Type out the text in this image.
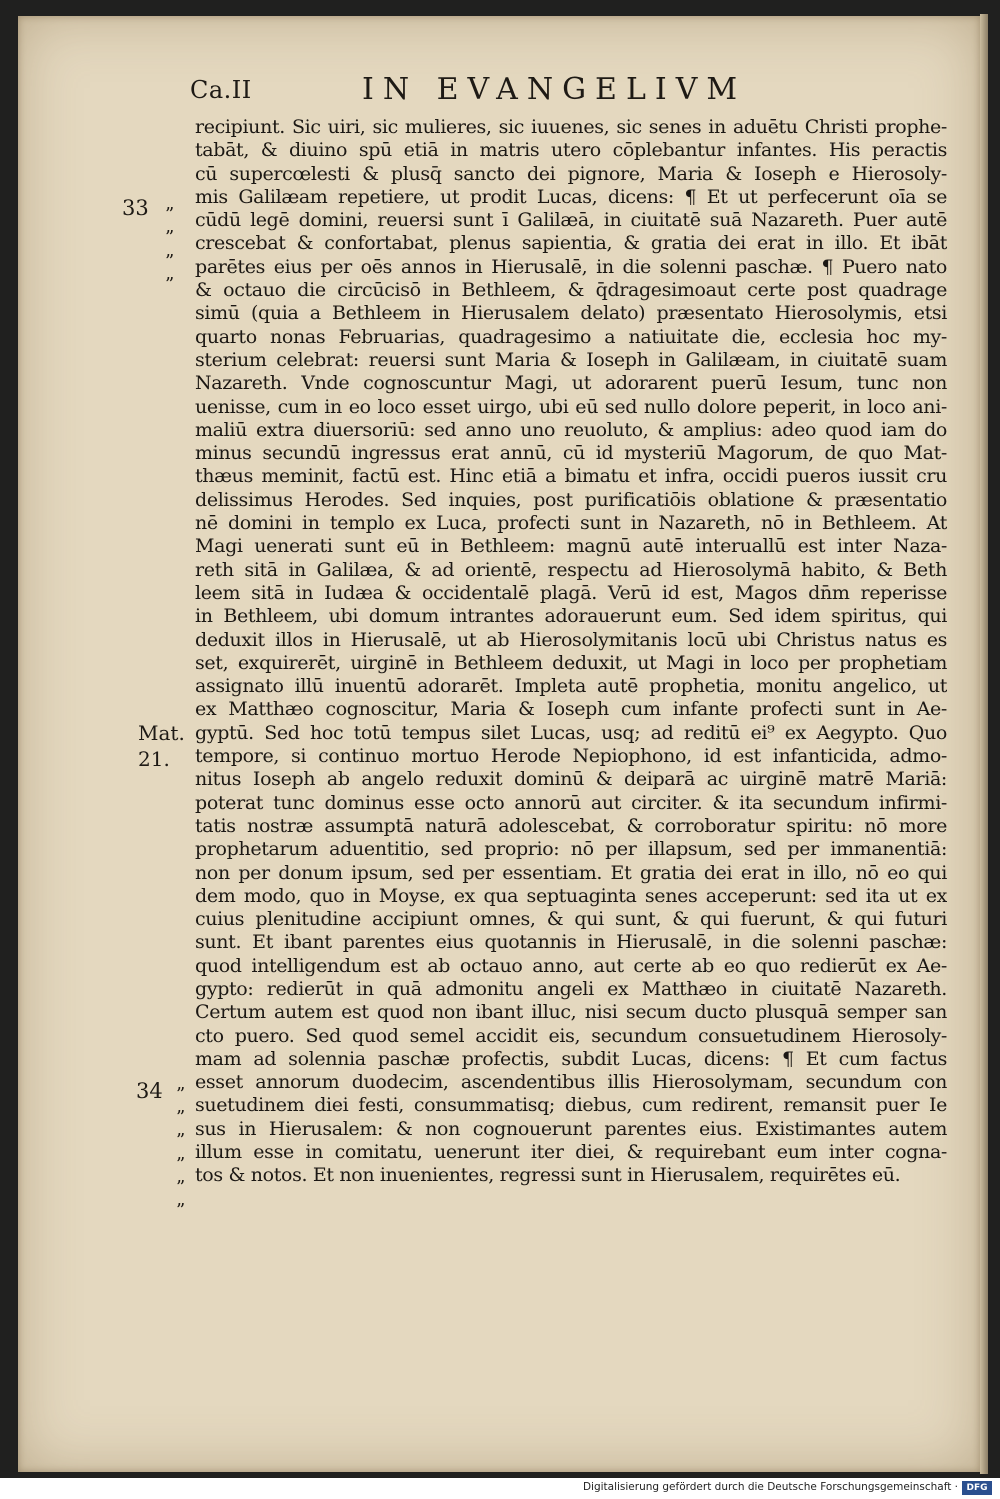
Ca.II	IN EVANGELIVM
recipiunt. Sic uiri, sic mulieres, sic iuuenes, sic senes in aduētu Christi prophe-
tabāt, & diuino spū etiā in matris utero cōplebantur infantes. His peractis
cū supercœlesti & plusq̄ sancto dei pignore, Maria & Ioseph e Hierosoly-
mis Galilæam repetiere, ut prodit Lucas, dicens: ¶ Et ut perfecerunt oīa se
cūdū legē domini, reuersi sunt ī Galilæā, in ciuitatē suā Nazareth. Puer autē
crescebat & confortabat, plenus sapientia, & gratia dei erat in illo. Et ibāt
parētes eius per oēs annos in Hierusalē, in die solenni paschæ. ¶ Puero nato
& octauo die circūcisō in Bethleem, & q̄dragesimoaut certe post quadrage
simū (quia a Bethleem in Hierusalem delato) præsentato Hierosolymis, etsi
quarto nonas Februarias, quadragesimo a natiuitate die, ecclesia hoc my-
sterium celebrat: reuersi sunt Maria & Ioseph in Galilæam, in ciuitatē suam
Nazareth. Vnde cognoscuntur Magi, ut adorarent puerū Iesum, tunc non
uenisse, cum in eo loco esset uirgo, ubi eū sed nullo dolore peperit, in loco ani-
maliū extra diuersoriū: sed anno uno reuoluto, & amplius: adeo quod iam do
minus secundū ingressus erat annū, cū id mysteriū Magorum, de quo Mat-
thæus meminit, factū est. Hinc etiā a bimatu et infra, occidi pueros iussit cru
delissimus Herodes. Sed inquies, post purificatiōis oblatione & præsentatio
nē domini in templo ex Luca, profecti sunt in Nazareth, nō in Bethleem. At
Magi uenerati sunt eū in Bethleem: magnū autē interuallū est inter Naza-
reth sitā in Galilæa, & ad orientē, respectu ad Hierosolymā habito, & Beth
leem sitā in Iudæa & occidentalē plagā. Verū id est, Magos dn̄m reperisse
in Bethleem, ubi domum intrantes adorauerunt eum. Sed idem spiritus, qui
deduxit illos in Hierusalē, ut ab Hierosolymitanis locū ubi Christus natus es
set, exquirerēt, uirginē in Bethleem deduxit, ut Magi in loco per prophetiam
assignato illū inuentū adorarēt. Impleta autē prophetia, monitu angelico, ut
ex Matthæo cognoscitur, Maria & Ioseph cum infante profecti sunt in Ae-
gyptū. Sed hoc totū tempus silet Lucas, usq; ad reditū ei⁹ ex Aegypto. Quo
tempore, si continuo mortuo Herode Nepiophono, id est infanticida, admo-
nitus Ioseph ab angelo reduxit dominū & deiparā ac uirginē matrē Mariā:
poterat tunc dominus esse octo annorū aut circiter. & ita secundum infirmi-
tatis nostræ assumptā naturā adolescebat, & corroboratur spiritu: nō more
prophetarum aduentitio, sed proprio: nō per illapsum, sed per immanentiā:
non per donum ipsum, sed per essentiam. Et gratia dei erat in illo, nō eo qui
dem modo, quo in Moyse, ex qua septuaginta senes acceperunt: sed ita ut ex
cuius plenitudine accipiunt omnes, & qui sunt, & qui fuerunt, & qui futuri
sunt. Et ibant parentes eius quotannis in Hierusalē, in die solenni paschæ:
quod intelligendum est ab octauo anno, aut certe ab eo quo redierūt ex Ae-
gypto: redierūt in quā admonitu angeli ex Matthæo in ciuitatē Nazareth.
Certum autem est quod non ibant illuc, nisi secum ducto plusquā semper san
cto puero. Sed quod semel accidit eis, secundum consuetudinem Hierosoly-
mam ad solennia paschæ profectis, subdit Lucas, dicens: ¶ Et cum factus
esset annorum duodecim, ascendentibus illis Hierosolymam, secundum con
suetudinem diei festi, consummatisq; diebus, cum redirent, remansit puer Ie
sus in Hierusalem: & non cognouerunt parentes eius. Existimantes autem
illum esse in comitatu, uenerunt iter diei, & requirebant eum inter cogna-
tos & notos. Et non inuenientes, regressi sunt in Hierusalem, requirētes eū.
33 ”
”
”
”
Mat.
21.
34 ”
”
”
”
”
”
Digitalisierung gefördert durch die Deutsche Forschungsgemeinschaft · DFG
